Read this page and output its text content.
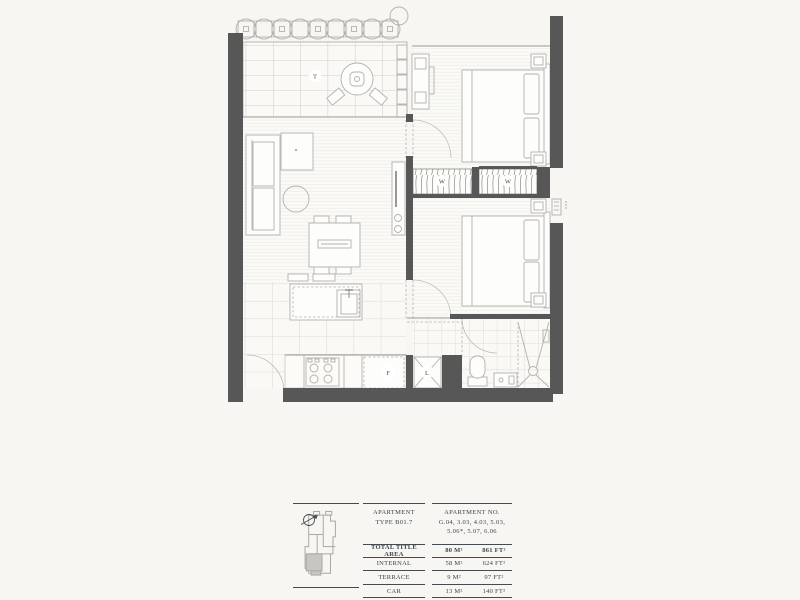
T
W	W
F	L
APARTMENT
TYPE B01.7
APARTMENT NO.
G.04, 3.03, 4.03, 5.03,
5.06*, 5.07, 6.06
TOTAL TITLE AREA	80 M²	861 FT²
INTERNAL	58 M²	624 FT²
TERRACE	9 M²	97 FT²
CAR	13 M²	140 FT²
